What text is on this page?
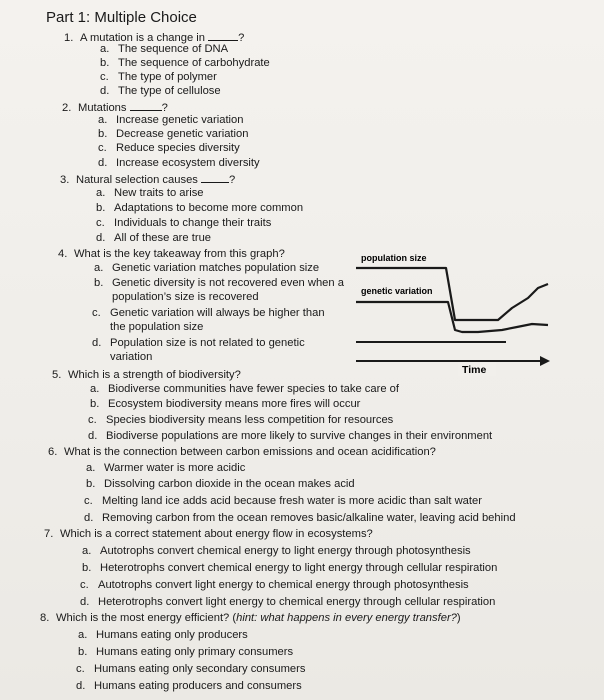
Part 1: Multiple Choice
1. A mutation is a change in	?
a. The sequence of DNA
b. The sequence of carbohydrate
c. The type of polymer
d. The type of cellulose
2. Mutations	?
a. Increase genetic variation
b. Decrease genetic variation
c. Reduce species diversity
d. Increase ecosystem diversity
3. Natural selection causes	?
a. New traits to arise
b. Adaptations to become more common
c. Individuals to change their traits
d. All of these are true
4. What is the key takeaway from this graph?
a. Genetic variation matches population size
b. Genetic diversity is not recovered even when a
population’s size is recovered
c. Genetic variation will always be higher than
the population size
d. Population size is not related to genetic
variation
population size
genetic variation
Time
5. Which is a strength of biodiversity?
a. Biodiverse communities have fewer species to take care of
b. Ecosystem biodiversity means more fires will occur
c. Species biodiversity means less competition for resources
d. Biodiverse populations are more likely to survive changes in their environment
6. What is the connection between carbon emissions and ocean acidification?
a. Warmer water is more acidic
b. Dissolving carbon dioxide in the ocean makes acid
c. Melting land ice adds acid because fresh water is more acidic than salt water
d. Removing carbon from the ocean removes basic/alkaline water, leaving acid behind
7. Which is a correct statement about energy flow in ecosystems?
a. Autotrophs convert chemical energy to light energy through photosynthesis
b. Heterotrophs convert chemical energy to light energy through cellular respiration
c. Autotrophs convert light energy to chemical energy through photosynthesis
d. Heterotrophs convert light energy to chemical energy through cellular respiration
8. Which is the most energy efficient? (hint: what happens in every energy transfer?)
a. Humans eating only producers
b. Humans eating only primary consumers
c. Humans eating only secondary consumers
d. Humans eating producers and consumers
